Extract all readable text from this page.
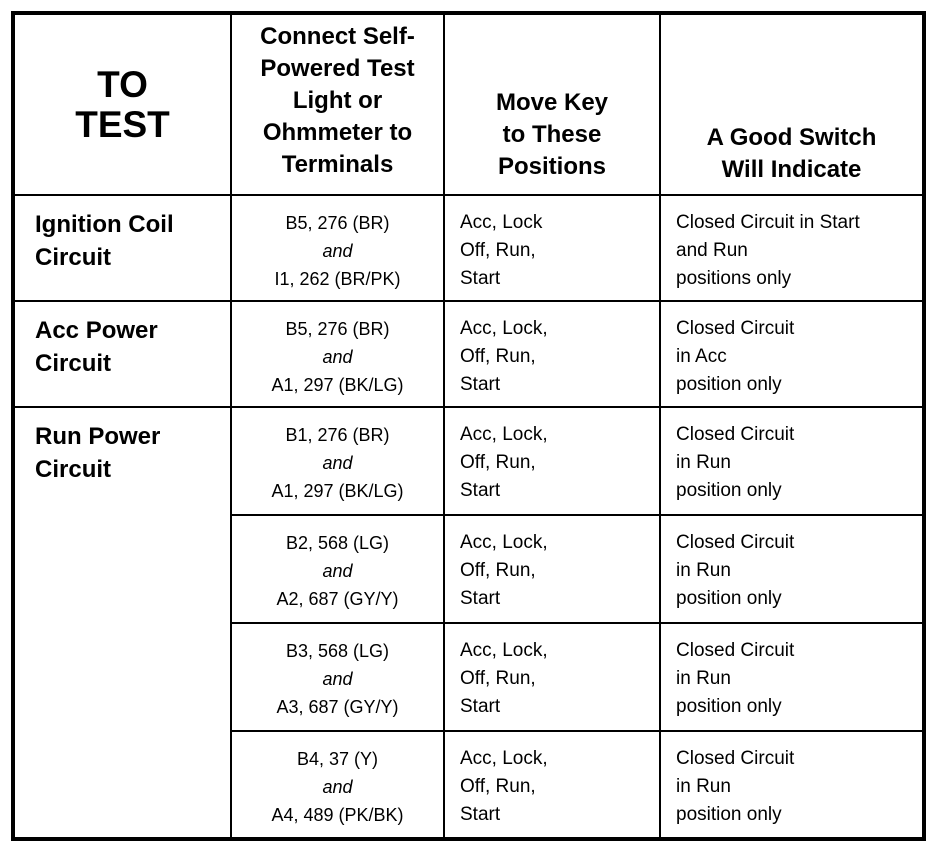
TO
TEST	Connect Self-
Powered Test
Light or
Ohmmeter to
Terminals	Move Key
to These
Positions	A Good Switch
Will Indicate

Ignition Coil
Circuit	B5, 276 (BR)
and
I1, 262 (BR/PK)	Acc, Lock
Off, Run,
Start	Closed Circuit in Start
and Run
positions only

Acc Power
Circuit	B5, 276 (BR)
and
A1, 297 (BK/LG)	Acc, Lock,
Off, Run,
Start	Closed Circuit
in Acc
position only

Run Power
Circuit	B1, 276 (BR)
and
A1, 297 (BK/LG)	Acc, Lock,
Off, Run,
Start	Closed Circuit
in Run
position only

	B2, 568 (LG)
and
A2, 687 (GY/Y)	Acc, Lock,
Off, Run,
Start	Closed Circuit
in Run
position only

	B3, 568 (LG)
and
A3, 687 (GY/Y)	Acc, Lock,
Off, Run,
Start	Closed Circuit
in Run
position only

	B4, 37 (Y)
and
A4, 489 (PK/BK)	Acc, Lock,
Off, Run,
Start	Closed Circuit
in Run
position only
